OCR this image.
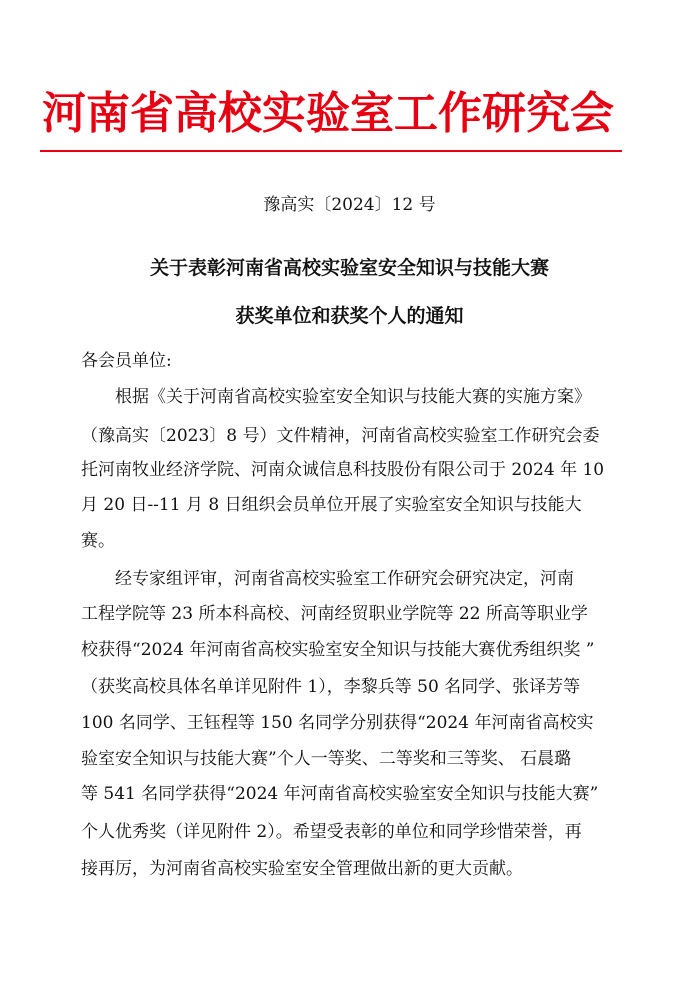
河南省高校实验室工作研究会
豫高实〔2024〕12 号
关于表彰河南省高校实验室安全知识与技能大赛
获奖单位和获奖个人的通知
各会员单位:
根据《关于河南省高校实验室安全知识与技能大赛的实施方案》
（豫高实〔2023〕8 号）文件精神，河南省高校实验室工作研究会委
托河南牧业经济学院、河南众诚信息科技股份有限公司于 2024 年 10
月 20 日--11 月 8 日组织会员单位开展了实验室安全知识与技能大
赛。
经专家组评审，河南省高校实验室工作研究会研究决定，河南
工程学院等 23 所本科高校、河南经贸职业学院等 22 所高等职业学
校获得“2024 年河南省高校实验室安全知识与技能大赛优秀组织奖 ”
（获奖高校具体名单详见附件 1），李黎兵等 50 名同学、张译芳等
100 名同学、王钰程等 150 名同学分别获得“2024 年河南省高校实
验室安全知识与技能大赛”个人一等奖、二等奖和三等奖、 石晨璐
等 541 名同学获得“2024 年河南省高校实验室安全知识与技能大赛”
个人优秀奖（详见附件 2）。希望受表彰的单位和同学珍惜荣誉，再
接再厉，为河南省高校实验室安全管理做出新的更大贡献。
